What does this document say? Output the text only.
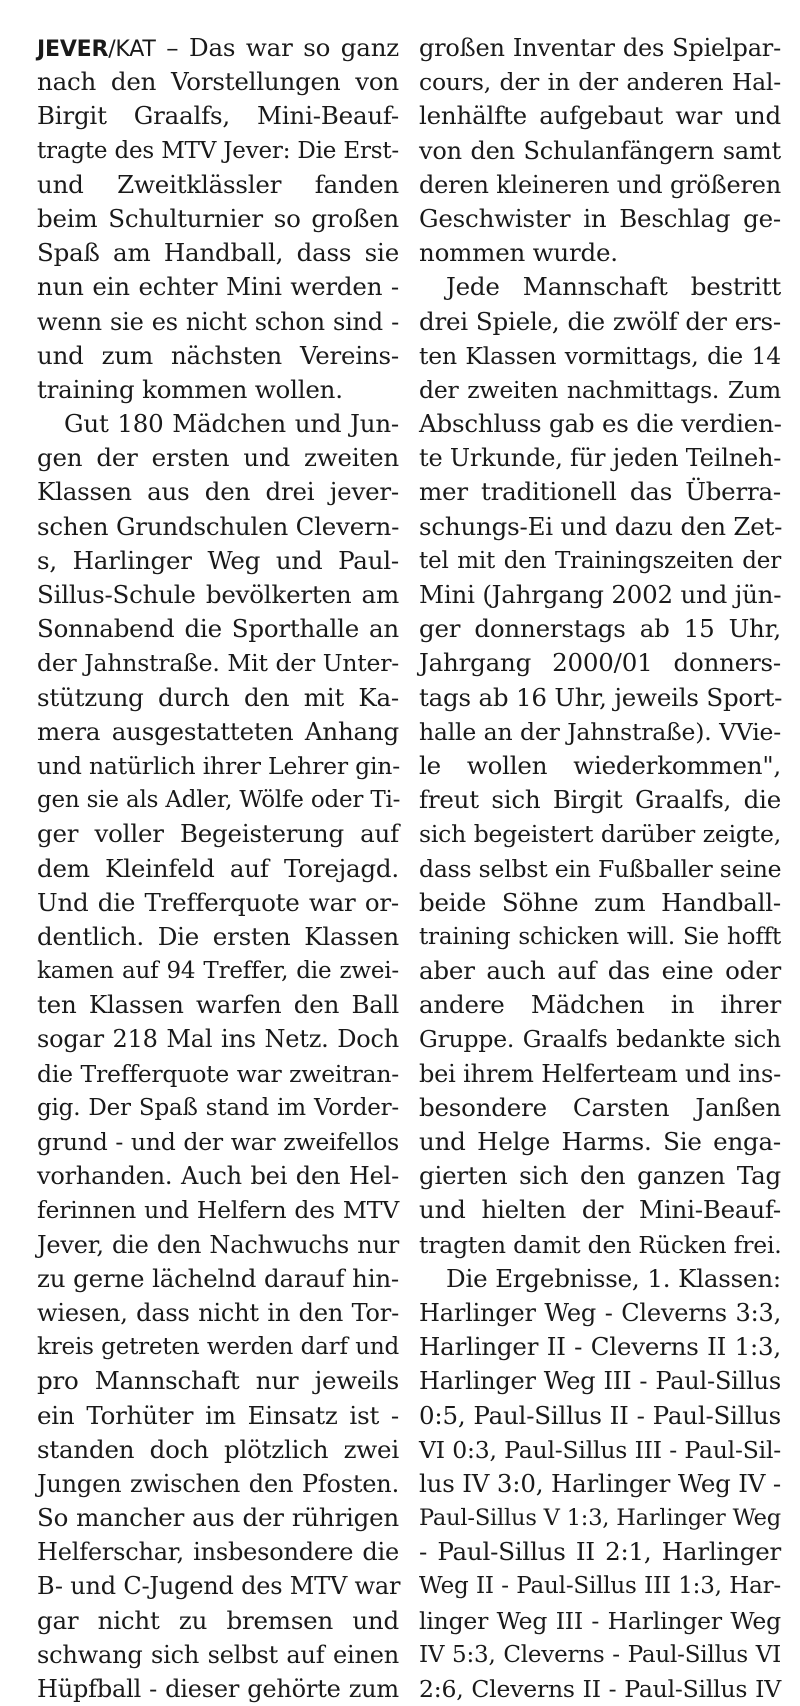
JEVER/KAT – Das war so ganz
nach den Vorstellungen von
Birgit Graalfs, Mini-Beauf-
tragte des MTV Jever: Die Erst-
und Zweitklässler fanden
beim Schulturnier so großen
Spaß am Handball, dass sie
nun ein echter Mini werden -
wenn sie es nicht schon sind -
und zum nächsten Vereins-
training kommen wollen.
Gut 180 Mädchen und Jun-
gen der ersten und zweiten
Klassen aus den drei jever-
schen Grundschulen Clevern-
s, Harlinger Weg und Paul-
Sillus-Schule bevölkerten am
Sonnabend die Sporthalle an
der Jahnstraße. Mit der Unter-
stützung durch den mit Ka-
mera ausgestatteten Anhang
und natürlich ihrer Lehrer gin-
gen sie als Adler, Wölfe oder Ti-
ger voller Begeisterung auf
dem Kleinfeld auf Torejagd.
Und die Trefferquote war or-
dentlich. Die ersten Klassen
kamen auf 94 Treffer, die zwei-
ten Klassen warfen den Ball
sogar 218 Mal ins Netz. Doch
die Trefferquote war zweitran-
gig. Der Spaß stand im Vorder-
grund - und der war zweifellos
vorhanden. Auch bei den Hel-
ferinnen und Helfern des MTV
Jever, die den Nachwuchs nur
zu gerne lächelnd darauf hin-
wiesen, dass nicht in den Tor-
kreis getreten werden darf und
pro Mannschaft nur jeweils
ein Torhüter im Einsatz ist -
standen doch plötzlich zwei
Jungen zwischen den Pfosten.
So mancher aus der rührigen
Helferschar, insbesondere die
B- und C-Jugend des MTV war
gar nicht zu bremsen und
schwang sich selbst auf einen
Hüpfball - dieser gehörte zum
großen Inventar des Spielpar-
cours, der in der anderen Hal-
lenhälfte aufgebaut war und
von den Schulanfängern samt
deren kleineren und größeren
Geschwister in Beschlag ge-
nommen wurde.
Jede Mannschaft bestritt
drei Spiele, die zwölf der ers-
ten Klassen vormittags, die 14
der zweiten nachmittags. Zum
Abschluss gab es die verdien-
te Urkunde, für jeden Teilneh-
mer traditionell das Überra-
schungs-Ei und dazu den Zet-
tel mit den Trainingszeiten der
Mini (Jahrgang 2002 und jün-
ger donnerstags ab 15 Uhr,
Jahrgang 2000/01 donners-
tags ab 16 Uhr, jeweils Sport-
halle an der Jahnstraße). VVie-
le wollen wiederkommen",
freut sich Birgit Graalfs, die
sich begeistert darüber zeigte,
dass selbst ein Fußballer seine
beide Söhne zum Handball-
training schicken will. Sie hofft
aber auch auf das eine oder
andere Mädchen in ihrer
Gruppe. Graalfs bedankte sich
bei ihrem Helferteam und ins-
besondere Carsten Janßen
und Helge Harms. Sie enga-
gierten sich den ganzen Tag
und hielten der Mini-Beauf-
tragten damit den Rücken frei.
Die Ergebnisse, 1. Klassen:
Harlinger Weg - Cleverns 3:3,
Harlinger II - Cleverns II 1:3,
Harlinger Weg III - Paul-Sillus
0:5, Paul-Sillus II - Paul-Sillus
VI 0:3, Paul-Sillus III - Paul-Sil-
lus IV 3:0, Harlinger Weg IV -
Paul-Sillus V 1:3, Harlinger Weg
- Paul-Sillus II 2:1, Harlinger
Weg II - Paul-Sillus III 1:3, Har-
linger Weg III - Harlinger Weg
IV 5:3, Cleverns - Paul-Sillus VI
2:6, Cleverns II - Paul-Sillus IV
